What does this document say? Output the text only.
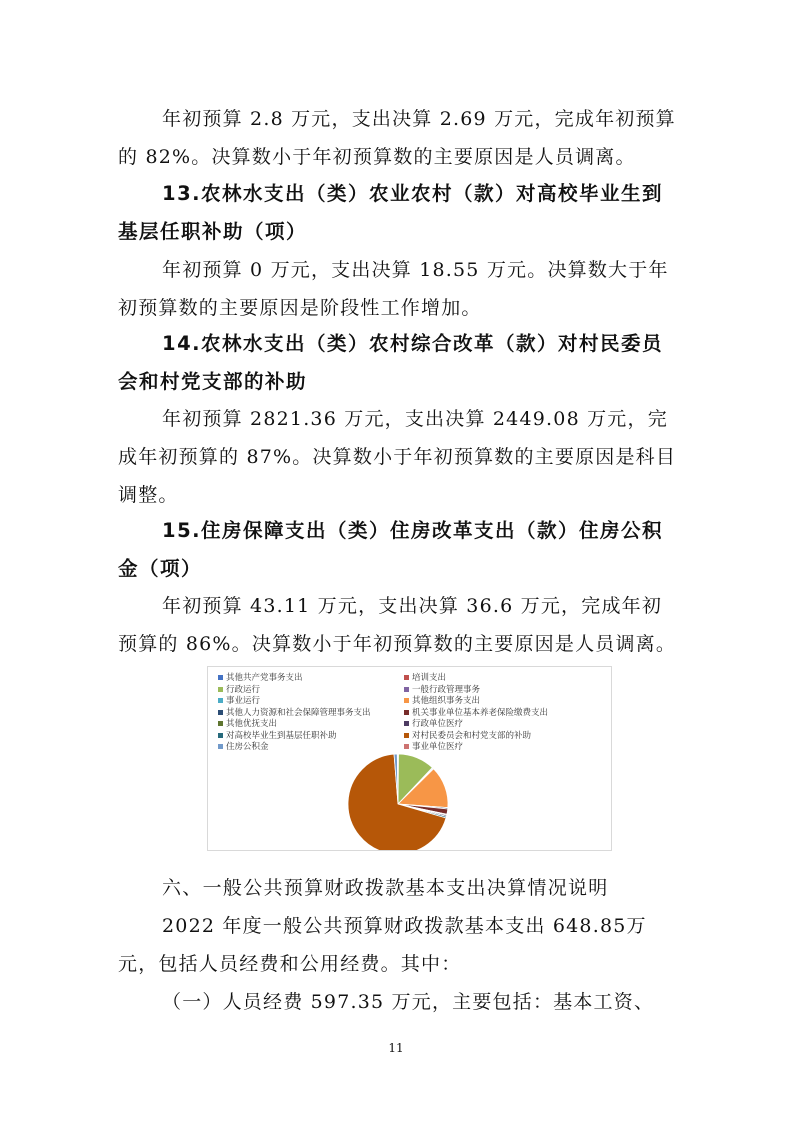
年初预算 2.8 万元，支出决算 2.69 万元，完成年初预算的 82%。决算数小于年初预算数的主要原因是人员调离。
13.农林水支出（类）农业农村（款）对高校毕业生到基层任职补助（项）
年初预算 0 万元，支出决算 18.55 万元。决算数大于年初预算数的主要原因是阶段性工作增加。
14.农林水支出（类）农村综合改革（款）对村民委员会和村党支部的补助
年初预算 2821.36 万元，支出决算 2449.08 万元，完成年初预算的 87%。决算数小于年初预算数的主要原因是科目调整。
15.住房保障支出（类）住房改革支出（款）住房公积金（项）
年初预算 43.11 万元，支出决算 36.6 万元，完成年初预算的 86%。决算数小于年初预算数的主要原因是人员调离。
其他共产党事务支出	培训支出
行政运行	一般行政管理事务
事业运行	其他组织事务支出
其他人力资源和社会保障管理事务支出	机关事业单位基本养老保险缴费支出
其他优抚支出	行政单位医疗
对高校毕业生到基层任职补助	对村民委员会和村党支部的补助
住房公积金	事业单位医疗
六、一般公共预算财政拨款基本支出决算情况说明
2022 年度一般公共预算财政拨款基本支出 648.85万元，包括人员经费和公用经费。其中：
（一）人员经费 597.35 万元，主要包括：基本工资、
11
